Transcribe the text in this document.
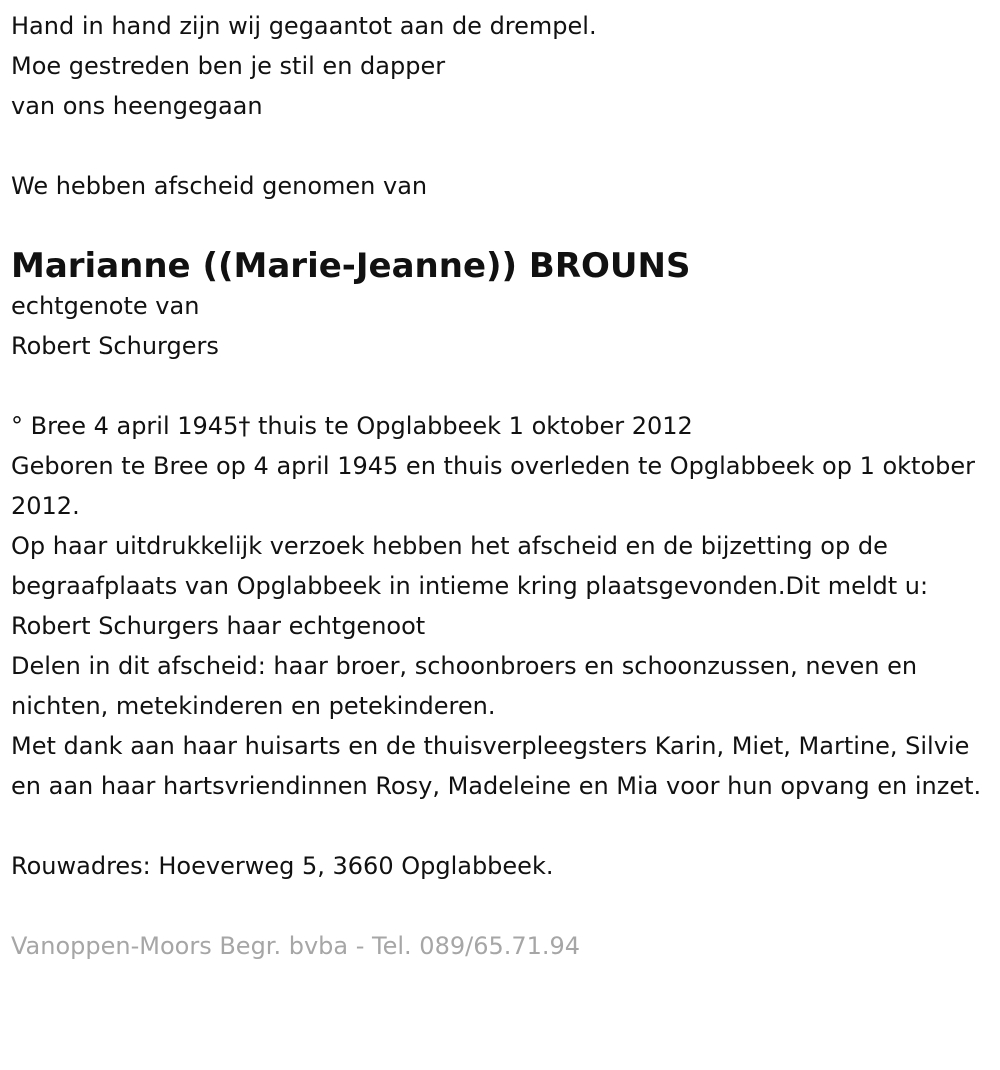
Hand in hand zijn wij gegaantot aan de drempel.
Moe gestreden ben je stil en dapper
van ons heengegaan
We hebben afscheid genomen van
Marianne ((Marie-Jeanne)) BROUNS
echtgenote van
Robert Schurgers
° Bree 4 april 1945† thuis te Opglabbeek 1 oktober 2012
Geboren te Bree op 4 april 1945 en thuis overleden te Opglabbeek op 1 oktober 2012.
Op haar uitdrukkelijk verzoek hebben het afscheid en de bijzetting op de begraafplaats van Opglabbeek in intieme kring plaatsgevonden.Dit meldt u:
Robert Schurgers haar echtgenoot
Delen in dit afscheid: haar broer, schoonbroers en schoonzussen, neven en nichten, metekinderen en petekinderen.
Met dank aan haar huisarts en de thuisverpleegsters Karin, Miet, Martine, Silvie en aan haar hartsvriendinnen Rosy, Madeleine en Mia voor hun opvang en inzet.
Rouwadres: Hoeverweg 5, 3660 Opglabbeek.
Vanoppen-Moors Begr. bvba - Tel. 089/65.71.94
